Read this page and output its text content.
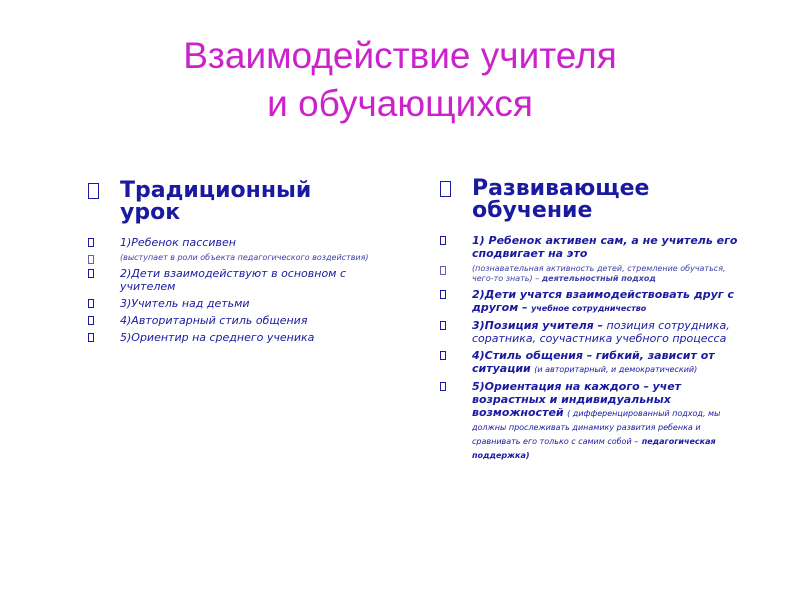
Взаимодействие учителя
и обучающихся
Традиционный урок
1)Ребенок пассивен
(выступает в роли объекта педагогического воздействия)
2)Дети взаимодействуют в основном с учителем
3)Учитель над детьми
4)Авторитарный стиль общения
5)Ориентир на среднего ученика
Развивающее обучение
1) Ребенок активен сам, а не учитель его сподвигает на это
(познавательная активность детей, стремление обучаться, чего-то знать) – деятельностный подход
2)Дети учатся взаимодействовать друг с другом – учебное сотрудничество
3)Позиция учителя – позиция сотрудника, соратника, соучастника учебного процесса
4)Стиль общения – гибкий, зависит от ситуации (и авторитарный, и демократический)
5)Ориентация на каждого – учет возрастных и индивидуальных возможностей ( дифференцированный подход, мы должны прослеживать динамику развития ребенка и сравнивать его только с самим собой – педагогическая поддержка)
